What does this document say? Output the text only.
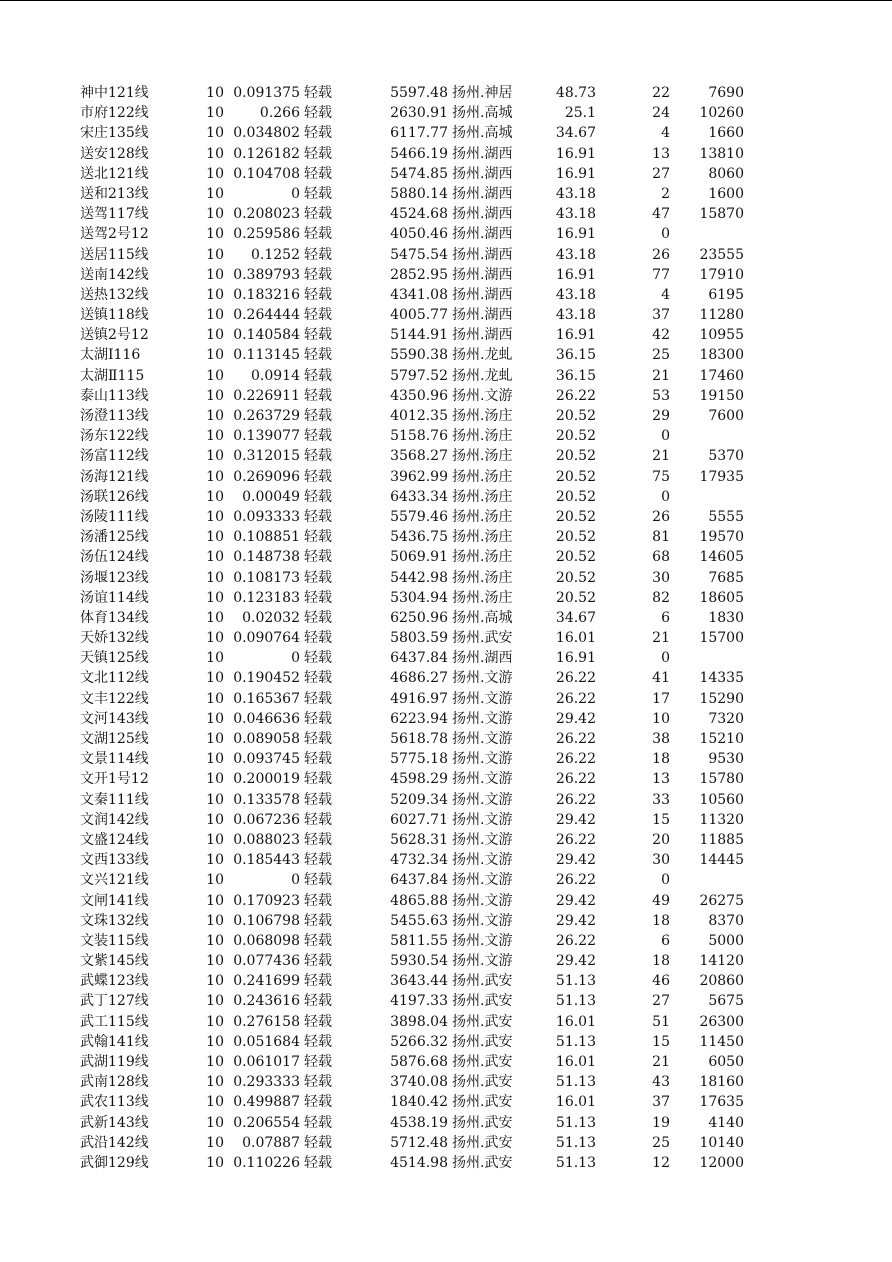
神中121线	10 0.091375 轻载	5597.48 扬州.神居	48.73	22	7690
市府122线	10	0.266 轻载	2630.91 扬州.高城	25.1	24	10260
宋庄135线	10 0.034802 轻载	6117.77 扬州.高城	34.67	4	1660
送安128线	10 0.126182 轻载	5466.19 扬州.湖西	16.91	13	13810
送北121线	10 0.104708 轻载	5474.85 扬州.湖西	16.91	27	8060
送和213线	10	0 轻载	5880.14 扬州.湖西	43.18	2	1600
送驾117线	10 0.208023 轻载	4524.68 扬州.湖西	43.18	47	15870
送驾2号12	10 0.259586 轻载	4050.46 扬州.湖西	16.91	0
送居115线	10	0.1252 轻载	5475.54 扬州.湖西	43.18	26	23555
送南142线	10 0.389793 轻载	2852.95 扬州.湖西	16.91	77	17910
送热132线	10 0.183216 轻载	4341.08 扬州.湖西	43.18	4	6195
送镇118线	10 0.264444 轻载	4005.77 扬州.湖西	43.18	37	11280
送镇2号12	10 0.140584 轻载	5144.91 扬州.湖西	16.91	42	10955
太湖Ⅰ116	10 0.113145 轻载	5590.38 扬州.龙虬	36.15	25	18300
太湖Ⅱ115	10	0.0914 轻载	5797.52 扬州.龙虬	36.15	21	17460
泰山113线	10 0.226911 轻载	4350.96 扬州.文游	26.22	53	19150
汤澄113线	10 0.263729 轻载	4012.35 扬州.汤庄	20.52	29	7600
汤东122线	10 0.139077 轻载	5158.76 扬州.汤庄	20.52	0
汤富112线	10 0.312015 轻载	3568.27 扬州.汤庄	20.52	21	5370
汤海121线	10 0.269096 轻载	3962.99 扬州.汤庄	20.52	75	17935
汤联126线	10	0.00049 轻载	6433.34 扬州.汤庄	20.52	0
汤陵111线	10 0.093333 轻载	5579.46 扬州.汤庄	20.52	26	5555
汤潘125线	10 0.108851 轻载	5436.75 扬州.汤庄	20.52	81	19570
汤伍124线	10 0.148738 轻载	5069.91 扬州.汤庄	20.52	68	14605
汤堰123线	10 0.108173 轻载	5442.98 扬州.汤庄	20.52	30	7685
汤谊114线	10 0.123183 轻载	5304.94 扬州.汤庄	20.52	82	18605
体育134线	10	0.02032 轻载	6250.96 扬州.高城	34.67	6	1830
天娇132线	10 0.090764 轻载	5803.59 扬州.武安	16.01	21	15700
天镇125线	10	0 轻载	6437.84 扬州.湖西	16.91	0
文北112线	10 0.190452 轻载	4686.27 扬州.文游	26.22	41	14335
文丰122线	10 0.165367 轻载	4916.97 扬州.文游	26.22	17	15290
文河143线	10 0.046636 轻载	6223.94 扬州.文游	29.42	10	7320
文湖125线	10 0.089058 轻载	5618.78 扬州.文游	26.22	38	15210
文景114线	10 0.093745 轻载	5775.18 扬州.文游	26.22	18	9530
文开1号12	10 0.200019 轻载	4598.29 扬州.文游	26.22	13	15780
文秦111线	10 0.133578 轻载	5209.34 扬州.文游	26.22	33	10560
文润142线	10 0.067236 轻载	6027.71 扬州.文游	29.42	15	11320
文盛124线	10 0.088023 轻载	5628.31 扬州.文游	26.22	20	11885
文西133线	10 0.185443 轻载	4732.34 扬州.文游	29.42	30	14445
文兴121线	10	0 轻载	6437.84 扬州.文游	26.22	0
文闸141线	10 0.170923 轻载	4865.88 扬州.文游	29.42	49	26275
文珠132线	10 0.106798 轻载	5455.63 扬州.文游	29.42	18	8370
文装115线	10 0.068098 轻载	5811.55 扬州.文游	26.22	6	5000
文紫145线	10 0.077436 轻载	5930.54 扬州.文游	29.42	18	14120
武蝶123线	10 0.241699 轻载	3643.44 扬州.武安	51.13	46	20860
武丁127线	10 0.243616 轻载	4197.33 扬州.武安	51.13	27	5675
武工115线	10 0.276158 轻载	3898.04 扬州.武安	16.01	51	26300
武翰141线	10 0.051684 轻载	5266.32 扬州.武安	51.13	15	11450
武湖119线	10 0.061017 轻载	5876.68 扬州.武安	16.01	21	6050
武南128线	10 0.293333 轻载	3740.08 扬州.武安	51.13	43	18160
武农113线	10 0.499887 轻载	1840.42 扬州.武安	16.01	37	17635
武新143线	10 0.206554 轻载	4538.19 扬州.武安	51.13	19	4140
武沿142线	10	0.07887 轻载	5712.48 扬州.武安	51.13	25	10140
武御129线	10 0.110226 轻载	4514.98 扬州.武安	51.13	12	12000
